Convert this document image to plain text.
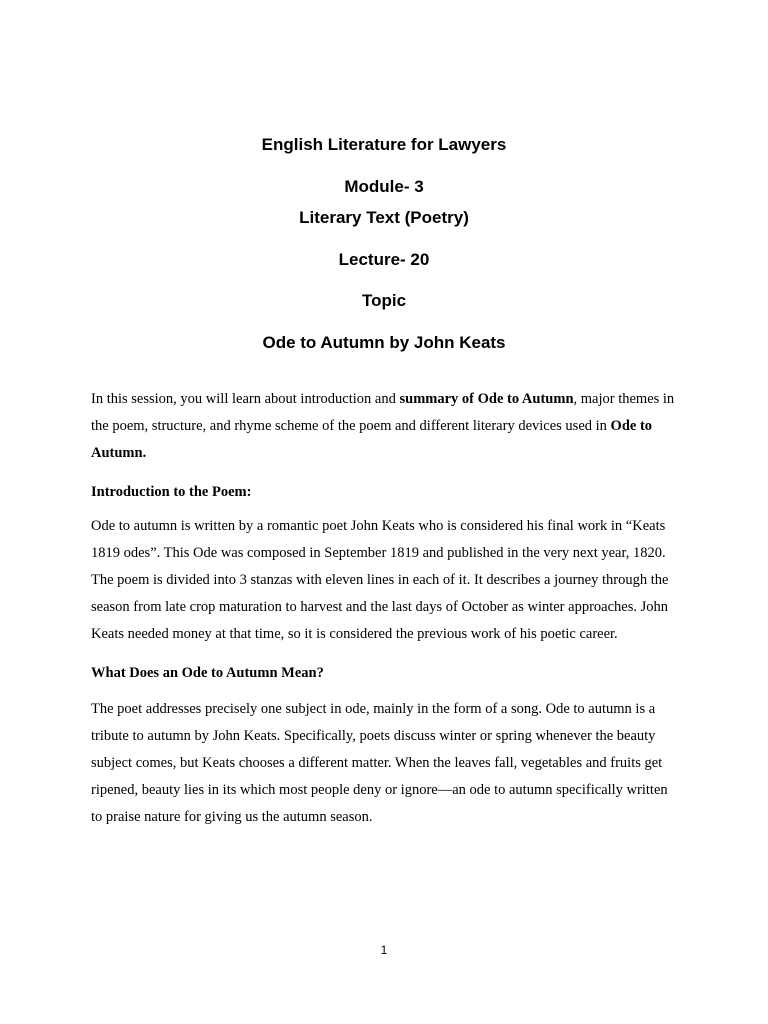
English Literature for Lawyers
Module- 3
Literary Text (Poetry)
Lecture- 20
Topic
Ode to Autumn by John Keats

In this session, you will learn about introduction and summary of Ode to Autumn, major themes in the poem, structure, and rhyme scheme of the poem and different literary devices used in Ode to Autumn.

Introduction to the Poem:

Ode to autumn is written by a romantic poet John Keats who is considered his final work in “Keats 1819 odes”. This Ode was composed in September 1819 and published in the very next year, 1820. The poem is divided into 3 stanzas with eleven lines in each of it. It describes a journey through the season from late crop maturation to harvest and the last days of October as winter approaches. John Keats needed money at that time, so it is considered the previous work of his poetic career.

What Does an Ode to Autumn Mean?

The poet addresses precisely one subject in ode, mainly in the form of a song. Ode to autumn is a tribute to autumn by John Keats. Specifically, poets discuss winter or spring whenever the beauty subject comes, but Keats chooses a different matter. When the leaves fall, vegetables and fruits get ripened, beauty lies in its which most people deny or ignore—an ode to autumn specifically written to praise nature for giving us the autumn season.

1
